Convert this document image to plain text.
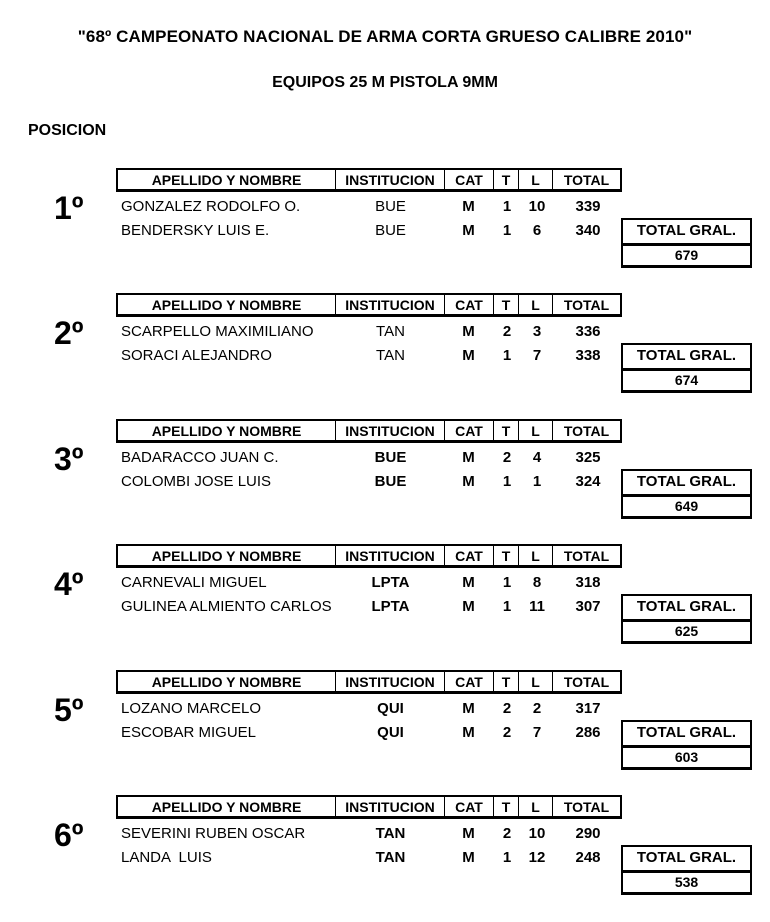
"68º CAMPEONATO NACIONAL DE ARMA CORTA GRUESO CALIBRE 2010"
EQUIPOS 25 M PISTOLA 9MM
POSICION
1º
APELLIDO Y NOMBRE	INSTITUCION	CAT	T	L	TOTAL
GONZALEZ RODOLFO O.	BUE	M	1	10	339
BENDERSKY LUIS E.	BUE	M	1	6	340	TOTAL GRAL.
679
2º
APELLIDO Y NOMBRE	INSTITUCION	CAT	T	L	TOTAL
SCARPELLO MAXIMILIANO	TAN	M	2	3	336
SORACI ALEJANDRO	TAN	M	1	7	338	TOTAL GRAL.
674
3º
APELLIDO Y NOMBRE	INSTITUCION	CAT	T	L	TOTAL
BADARACCO JUAN C.	BUE	M	2	4	325
COLOMBI JOSE LUIS	BUE	M	1	1	324	TOTAL GRAL.
649
4º
APELLIDO Y NOMBRE	INSTITUCION	CAT	T	L	TOTAL
CARNEVALI MIGUEL	LPTA	M	1	8	318
GULINEA ALMIENTO CARLOS	LPTA	M	1	11	307	TOTAL GRAL.
625
5º
APELLIDO Y NOMBRE	INSTITUCION	CAT	T	L	TOTAL
LOZANO MARCELO	QUI	M	2	2	317
ESCOBAR MIGUEL	QUI	M	2	7	286	TOTAL GRAL.
603
6º
APELLIDO Y NOMBRE	INSTITUCION	CAT	T	L	TOTAL
SEVERINI RUBEN OSCAR	TAN	M	2	10	290
LANDA  LUIS	TAN	M	1	12	248	TOTAL GRAL.
538
